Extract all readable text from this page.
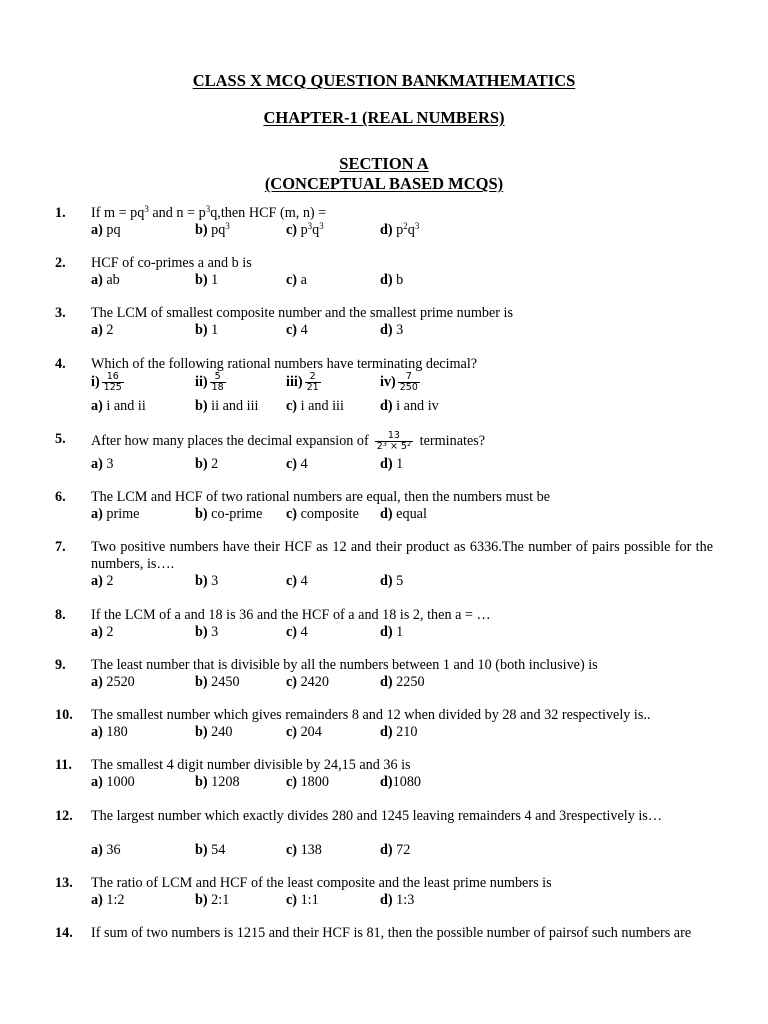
CLASS X MCQ QUESTION BANKMATHEMATICS
CHAPTER-1 (REAL NUMBERS)
SECTION A
(CONCEPTUAL BASED MCQS)
1. If $m = pq^3$ and $n = p^3q,then$ HCF (m, n) =
a) pq	b) $pq^3$	c) $p^3q^3$	d) $p^2q^3$
2. HCF of co-primes a and b is
a) ab	b) 1	c) a	d) b
3. The LCM of smallest composite number and the smallest prime number is
a) 2	b) 1	c) 4	d) 3
4. Which of the following rational numbers have terminating decimal?
$i) \frac{16}{125}$	$ii) \frac{5}{18}$	$iii) \frac{2}{21}$	$iv) \frac{7}{250}$
a) i and ii	b) ii and iii c) i and iii	d) i and iv
5. After how many places the decimal expansion of $\frac{13}{2^3 \times 5^2}$ terminates?
a) 3	b) 2	c) 4	d) 1
6. The LCM and HCF of two rational numbers are equal, then the numbers must be
a) prime	b) co-prime c) composite d) equal
7. Two positive numbers have their HCF as 12 and their product as 6336.The number of pairs possible for the numbers, is….
a) 2	b) 3	c) 4	d) 5
8. If the LCM of a and 18 is 36 and the HCF of a and 18 is 2, then a = …
a) 2	b) 3	c) 4	d) 1
9. The least number that is divisible by all the numbers between 1 and 10 (both inclusive) is
a) 2520	b) 2450	c) 2420	d) 2250
10. The smallest number which gives remainders 8 and 12 when divided by 28 and 32 respectively is..
a) 180	b) 240	c) 204	d) 210
11. The smallest 4 digit number divisible by 24,15 and 36 is
a) 1000	b) 1208	c) 1800	d)1080
12. The largest number which exactly divides 280 and 1245 leaving remainders 4 and 3respectively is…
a) 36	b) 54	c) 138	d) 72
13. The ratio of LCM and HCF of the least composite and the least prime numbers is
a) 1:2	b) 2:1	c) 1:1	d) 1:3
14. If sum of two numbers is 1215 and their HCF is 81, then the possible number of pairsof such numbers are
